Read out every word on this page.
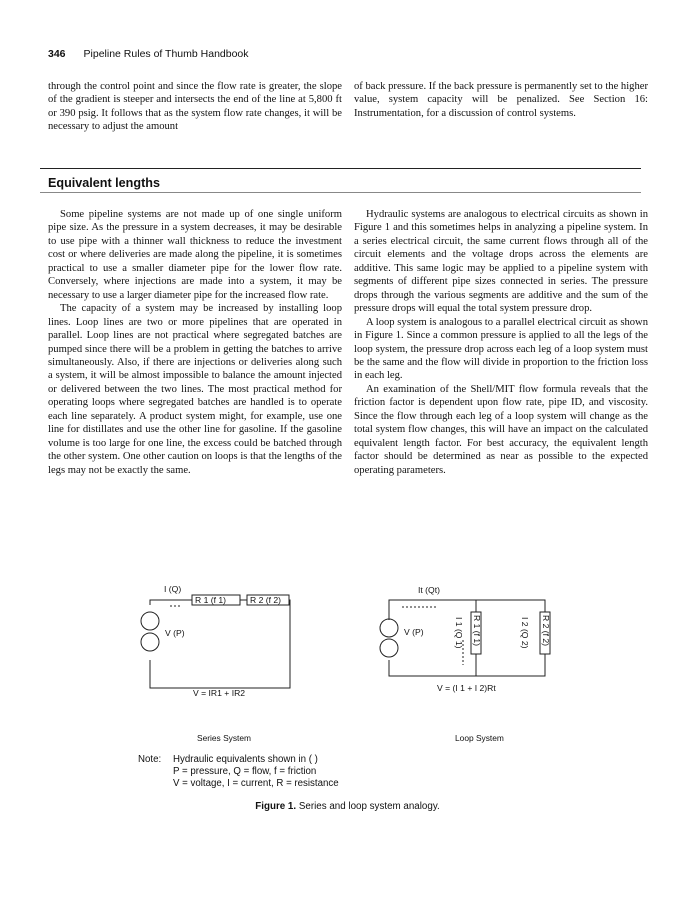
346 Pipeline Rules of Thumb Handbook

through the control point and since the flow rate is greater, the slope of the gradient is steeper and intersects the end of the line at 5,800 ft or 390 psig. It follows that as the system flow rate changes, it will be necessary to adjust the amount

of back pressure. If the back pressure is permanently set to the higher value, system capacity will be penalized. See Section 16: Instrumentation, for a discussion of control systems.

Equivalent lengths

Some pipeline systems are not made up of one single uniform pipe size. As the pressure in a system decreases, it may be desirable to use pipe with a thinner wall thickness to reduce the investment cost or where deliveries are made along the pipeline, it is sometimes practical to use a smaller diameter pipe for the lower flow rate. Conversely, where injections are made into a system, it may be necessary to use a larger diameter pipe for the increased flow rate.

The capacity of a system may be increased by installing loop lines. Loop lines are two or more pipelines that are operated in parallel. Loop lines are not practical where segregated batches are pumped since there will be a problem in getting the batches to arrive simultaneously. Also, if there are injections or deliveries along such a system, it will be almost impossible to balance the amount injected or delivered between the two lines. The most practical method for operating loops where segregated batches are handled is to operate each line separately. A product system might, for example, use one line for distillates and use the other line for gasoline. If the gasoline volume is too large for one line, the excess could be batched through the other system. One other caution on loops is that the lengths of the legs may not be exactly the same.

Hydraulic systems are analogous to electrical circuits as shown in Figure 1 and this sometimes helps in analyzing a pipeline system. In a series electrical circuit, the same current flows through all of the circuit elements and the voltage drops across the elements are additive. This same logic may be applied to a pipeline system with segments of different pipe sizes connected in series. The pressure drops through the various segments are additive and the sum of the pressure drops will equal the total system pressure drop.

A loop system is analogous to a parallel electrical circuit as shown in Figure 1. Since a common pressure is applied to all the legs of the loop system, the pressure drop across each leg of a loop system must be the same and the flow will divide in proportion to the friction loss in each leg.

An examination of the Shell/MIT flow formula reveals that the friction factor is dependent upon flow rate, pipe ID, and viscosity. Since the flow through each leg of a loop system will change as the total system flow changes, this will have an impact on the calculated equivalent length factor. For best accuracy, the equivalent length factor should be determined as near as possible to the expected operating parameters.

I (Q)
R 1 (f 1)	R 2 (f 2)
V (P)
V = IR1 + IR2
It (Qt)
V (P)	R 1 (f 1)
I 1 (Q 1)	R 2 (f 2)
I 2 (Q 2)
V = (I 1 + I 2)Rt
Series System	Loop System
Note: Hydraulic equivalents shown in ( )
P = pressure, Q = flow, f = friction
V = voltage, I = current, R = resistance
Figure 1. Series and loop system analogy.
